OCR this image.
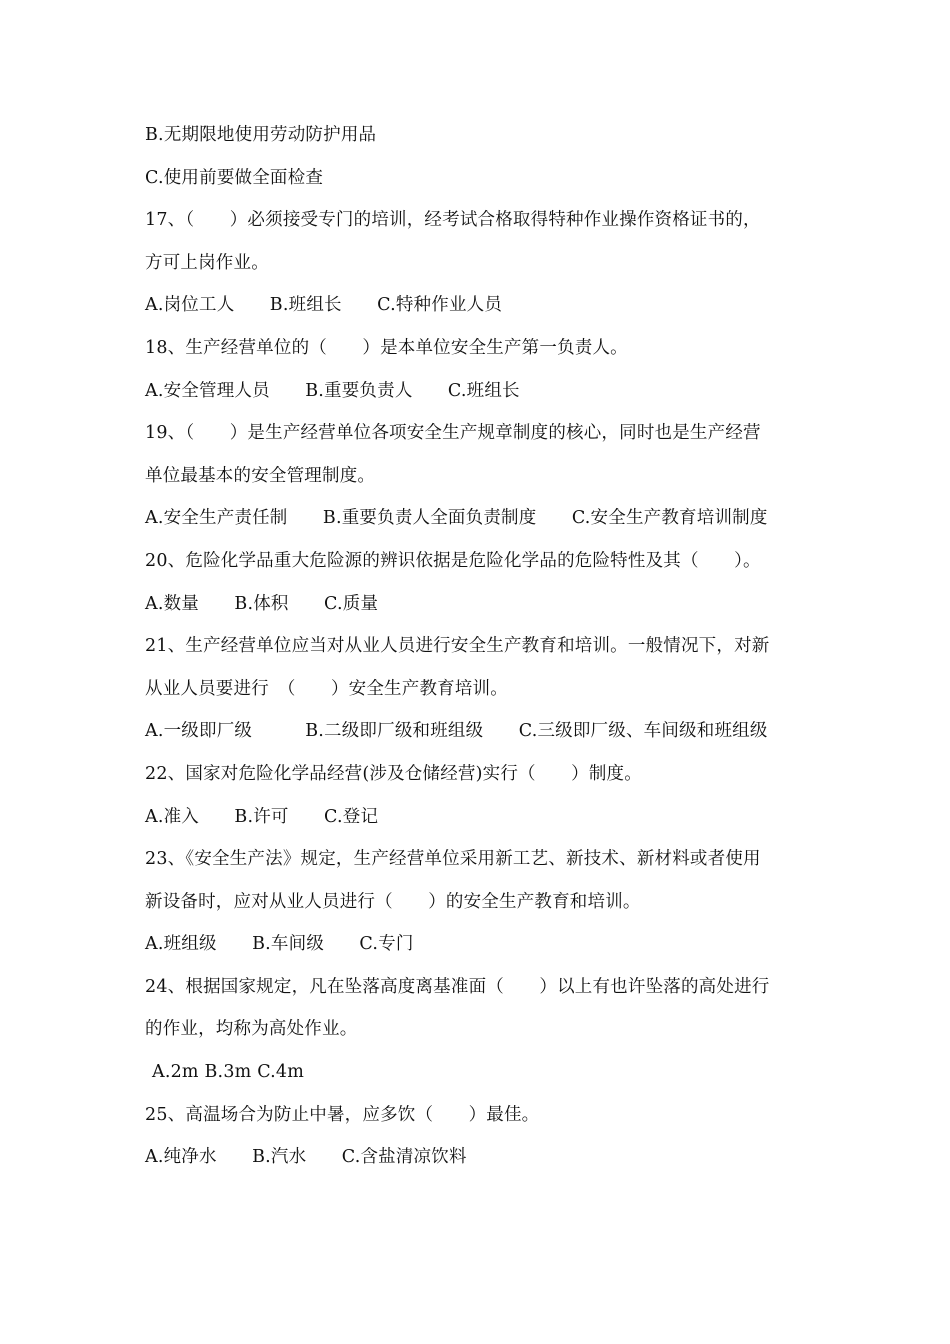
B.无期限地使用劳动防护用品
C.使用前要做全面检查
17、（　　）必须接受专门的培训，经考试合格取得特种作业操作资格证书的，
方可上岗作业。
A.岗位工人　　B.班组长　　C.特种作业人员
18、生产经营单位的（　　）是本单位安全生产第一负责人。
A.安全管理人员　　B.重要负责人　　C.班组长
19、（　　）是生产经营单位各项安全生产规章制度的核心，同时也是生产经营
单位最基本的安全管理制度。
A.安全生产责任制　　B.重要负责人全面负责制度　　C.安全生产教育培训制度
20、危险化学品重大危险源的辨识依据是危险化学品的危险特性及其（　　）。
A.数量　　B.体积　　C.质量
21、生产经营单位应当对从业人员进行安全生产教育和培训。一般情况下，对新
从业人员要进行　（　　）安全生产教育培训。
A.一级即厂级　　　B.二级即厂级和班组级　　C.三级即厂级、车间级和班组级
22、国家对危险化学品经营(涉及仓储经营)实行（　　）制度。
A.准入　　B.许可　　C.登记
23、《安全生产法》规定，生产经营单位采用新工艺、新技术、新材料或者使用
新设备时，应对从业人员进行（　　）的安全生产教育和培训。
A.班组级　　B.车间级　　C.专门
24、根据国家规定，凡在坠落高度离基准面（　　）以上有也许坠落的高处进行
的作业，均称为高处作业。
A.2m B.3m C.4m
25、高温场合为防止中暑，应多饮（　　）最佳。
A.纯净水　　B.汽水　　C.含盐清凉饮料
